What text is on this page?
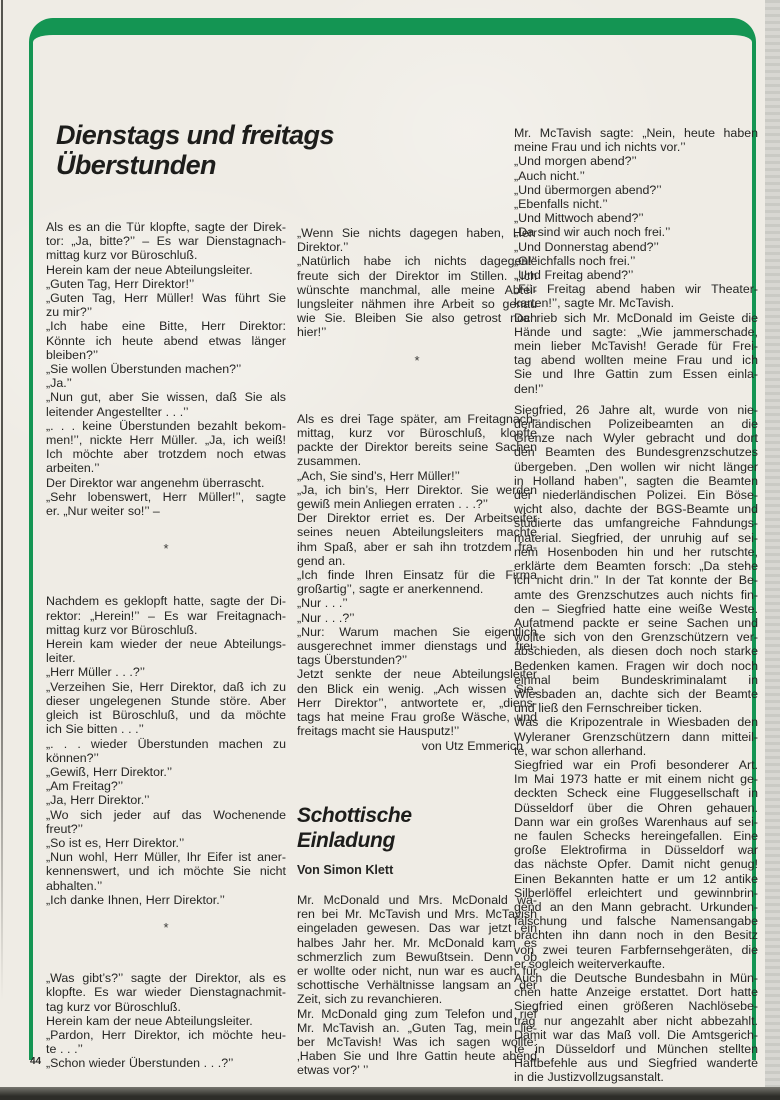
Dienstags und freitags
Überstunden

Als es an die Tür klopfte, sagte der Direk-
tor: „Ja, bitte?’’ – Es war Dienstagnach-
mittag kurz vor Büroschluß.

Herein kam der neue Abteilungsleiter.

„Guten Tag, Herr Direktor!’’

„Guten Tag, Herr Müller! Was führt Sie
zu mir?’’

„Ich habe eine Bitte, Herr Direktor:
Könnte ich heute abend etwas länger
bleiben?’’

„Sie wollen Überstunden machen?’’

„Ja.’’

„Nun gut, aber Sie wissen, daß Sie als
leitender Angestellter . . .’’

„. . . keine Überstunden bezahlt bekom-
men!’’, nickte Herr Müller. „Ja, ich weiß!
Ich möchte aber trotzdem noch etwas
arbeiten.’’

Der Direktor war angenehm überrascht.

„Sehr lobenswert, Herr Müller!’’, sagte
er. „Nur weiter so!’’ –

*

Nachdem es geklopft hatte, sagte der Di-
rektor: „Herein!’’ – Es war Freitagnach-
mittag kurz vor Büroschluß.

Herein kam wieder der neue Abteilungs-
leiter.

„Herr Müller . . .?’’

„Verzeihen Sie, Herr Direktor, daß ich zu
dieser ungelegenen Stunde störe. Aber
gleich ist Büroschluß, und da möchte
ich Sie bitten . . .’’

„. . . wieder Überstunden machen zu
können?’’

„Gewiß, Herr Direktor.’’

„Am Freitag?’’

„Ja, Herr Direktor.’’

„Wo sich jeder auf das Wochenende
freut?’’

„So ist es, Herr Direktor.’’

„Nun wohl, Herr Müller, Ihr Eifer ist aner-
kennenswert, und ich möchte Sie nicht
abhalten.’’

„Ich danke Ihnen, Herr Direktor.’’

*

„Was gibt’s?’’ sagte der Direktor, als es
klopfte. Es war wieder Dienstagnachmit-
tag kurz vor Büroschluß.

Herein kam der neue Abteilungsleiter.

„Pardon, Herr Direktor, ich möchte heu-
te . . .’’

„Schon wieder Überstunden . . .?’’

„Wenn Sie nichts dagegen haben, Herr
Direktor.’’

„Natürlich habe ich nichts dagegen!’’
freute sich der Direktor im Stillen. „Ich
wünschte manchmal, alle meine Abtei-
lungsleiter nähmen ihre Arbeit so genau
wie Sie. Bleiben Sie also getrost noch
hier!’’

*

Als es drei Tage später, am Freitagnach-
mittag, kurz vor Büroschluß, klopfte
packte der Direktor bereits seine Sachen
zusammen.

„Ach, Sie sind’s, Herr Müller!’’

„Ja, ich bin’s, Herr Direktor. Sie werden
gewiß mein Anliegen erraten . . .?’’

Der Direktor erriet es. Der Arbeitseifer
seines neuen Abteilungsleiters machte
ihm Spaß, aber er sah ihn trotzdem fra-
gend an.

„Ich finde Ihren Einsatz für die Firma
großartig’’, sagte er anerkennend.

„Nur . . .’’

„Nur . . .?’’

„Nur: Warum machen Sie eigentlich
ausgerechnet immer dienstags und frei-
tags Überstunden?’’

Jetzt senkte der neue Abteilungsleiter
den Blick ein wenig. „Ach wissen Sie,
Herr Direktor’’, antwortete er, „diens-
tags hat meine Frau große Wäsche, und
freitags macht sie Hausputz!’’

von Utz Emmerich

Schottische
Einladung

Von Simon Klett

Mr. McDonald und Mrs. McDonald wa-
ren bei Mr. McTavish und Mrs. McTavish
eingeladen gewesen. Das war jetzt ein
halbes Jahr her. Mr. McDonald kam es
schmerzlich zum Bewußtsein. Denn ob
er wollte oder nicht, nun war es auch für
schottische Verhältnisse langsam an der
Zeit, sich zu revanchieren.

Mr. McDonald ging zum Telefon und rief
Mr. McTavish an. „Guten Tag, mein lie-
ber McTavish! Was ich sagen wollte:
‚Haben Sie und Ihre Gattin heute abend
etwas vor?’ ’’

Mr. McTavish sagte: „Nein, heute haben
meine Frau und ich nichts vor.’’

„Und morgen abend?’’

„Auch nicht.’’

„Und übermorgen abend?’’

„Ebenfalls nicht.’’

„Und Mittwoch abend?’’

„Da sind wir auch noch frei.’’

„Und Donnerstag abend?’’

„Gleichfalls noch frei.’’

„Und Freitag abend?’’

„Für Freitag abend haben wir Theater-
karten!’’, sagte Mr. McTavish.

Da rieb sich Mr. McDonald im Geiste die
Hände und sagte: „Wie jammerschade,
mein lieber McTavish! Gerade für Frei-
tag abend wollten meine Frau und ich
Sie und Ihre Gattin zum Essen einla-
den!’’

Siegfried, 26 Jahre alt, wurde von nie-
derländischen Polizeibeamten an die
Grenze nach Wyler gebracht und dort
den Beamten des Bundesgrenzschutzes
übergeben. „Den wollen wir nicht länger
in Holland haben’’, sagten die Beamten
der niederländischen Polizei. Ein Böse-
wicht also, dachte der BGS-Beamte und
studierte das umfangreiche Fahndungs-
material. Siegfried, der unruhig auf sei-
nem Hosenboden hin und her rutschte,
erklärte dem Beamten forsch: „Da stehe
ich nicht drin.’’ In der Tat konnte der Be-
amte des Grenzschutzes auch nichts fin-
den – Siegfried hatte eine weiße Weste.
Aufatmend packte er seine Sachen und
wollte sich von den Grenzschützern ver-
abschieden, als diesen doch noch starke
Bedenken kamen. Fragen wir doch noch
einmal beim Bundeskriminalamt in
Wiesbaden an, dachte sich der Beamte
und ließ den Fernschreiber ticken.

Was die Kripozentrale in Wiesbaden den
Wyleraner Grenzschützern dann mitteil-
te, war schon allerhand.

Siegfried war ein Profi besonderer Art.
Im Mai 1973 hatte er mit einem nicht ge-
deckten Scheck eine Fluggesellschaft in
Düsseldorf über die Ohren gehauen.
Dann war ein großes Warenhaus auf sei-
ne faulen Schecks hereingefallen. Eine
große Elektrofirma in Düsseldorf war
das nächste Opfer. Damit nicht genug!
Einen Bekannten hatte er um 12 antike
Silberlöffel erleichtert und gewinnbrin-
gend an den Mann gebracht. Urkunden-
fälschung und falsche Namensangabe
brachten ihn dann noch in den Besitz
von zwei teuren Farbfernsehgeräten, die
er sogleich weiterverkaufte.

Auch die Deutsche Bundesbahn in Mün-
chen hatte Anzeige erstattet. Dort hatte
Siegfried einen größeren Nachlösebe-
trag nur angezahlt aber nicht abbezahlt.
Damit war das Maß voll. Die Amtsgerich-
te in Düsseldorf und München stellten
Haftbefehle aus und Siegfried wanderte
in die Justizvollzugsanstalt.

44
